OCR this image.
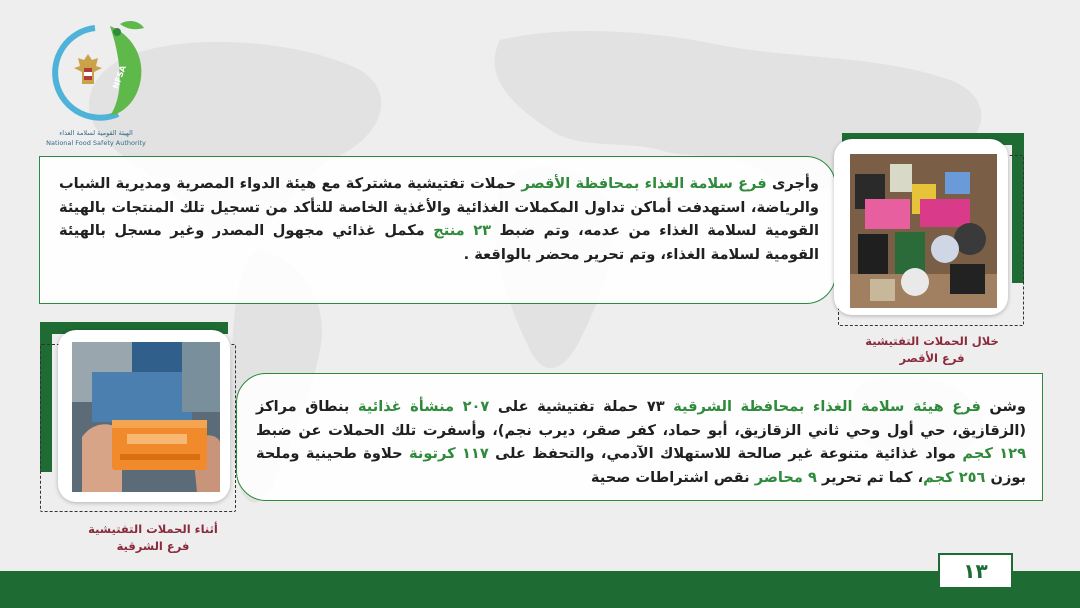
الهيئة القومية لسلامة الغذاء
National Food Safety Authority
NFSA
وأجرى فرع سلامة الغذاء بمحافظة الأقصر حملات تفتيشية مشتركة مع هيئة الدواء المصرية ومديرية الشباب والرياضة، استهدفت أماكن تداول المكملات الغذائية والأغذية الخاصة للتأكد من تسجيل تلك المنتجات بالهيئة القومية لسلامة الغذاء من عدمه، وتم ضبط ٢٣ منتج مكمل غذائي مجهول المصدر وغير مسجل بالهيئة القومية لسلامة الغذاء، وتم تحرير محضر بالواقعة .
خلال الحملات التفتيشية
فرع الأقصر
أثناء الحملات التفتيشية
فرع الشرقية
وشن فرع هيئة سلامة الغذاء بمحافظة الشرقية ٧٣ حملة تفتيشية على ٢٠٧ منشأة غذائية بنطاق مراكز (الزقازيق، حي أول وحي ثاني الزقازيق، أبو حماد، كفر صقر، ديرب نجم)، وأسفرت تلك الحملات عن ضبط ١٢٩ كجم مواد غذائية متنوعة غير صالحة للاستهلاك الآدمي، والتحفظ على ١١٧ كرتونة حلاوة طحينية وملحة بوزن ٢٥٦ كجم، كما تم تحرير ٩ محاضر نقص اشتراطات صحية
١٣
